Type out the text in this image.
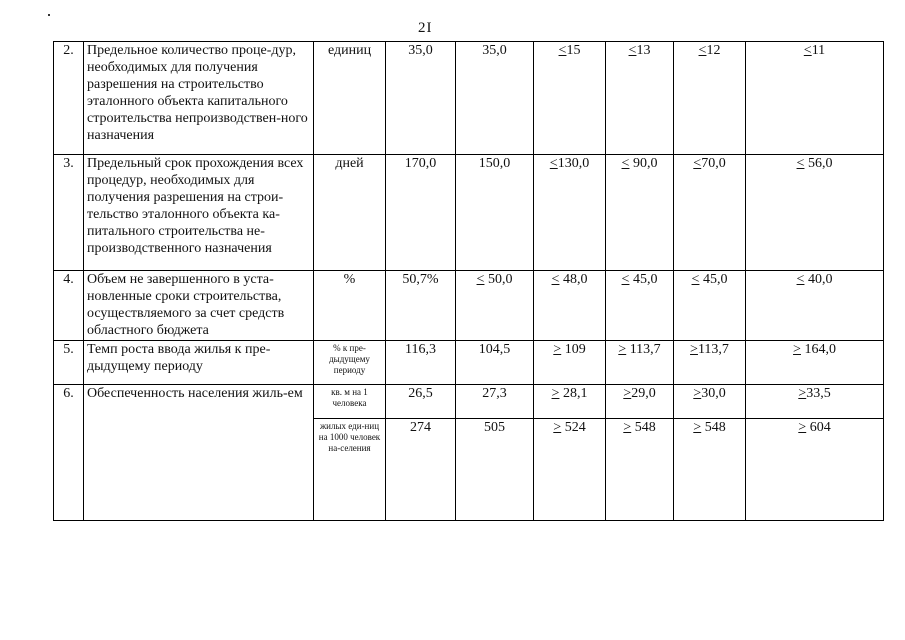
2I
2.	Предельное количество проце-дур, необходимых для получения разрешения на строительство эталонного объекта капитального строительства непроизводствен-ного назначения	единиц	35,0	35,0	<15	<13	<12	<11
3.	Предельный срок прохождения всех процедур, необходимых для получения разрешения на строи-тельство эталонного объекта ка-питального строительства не-производственного назначения	дней	170,0	150,0	<130,0	< 90,0	<70,0	< 56,0
4.	Объем не завершенного в уста-новленные сроки строительства, осуществляемого за счет средств областного бюджета	%	50,7%	< 50,0	< 48,0	< 45,0	< 45,0	< 40,0
5.	Темп роста ввода жилья к пре-дыдущему периоду	% к пре-дыдущему периоду	116,3	104,5	> 109	> 113,7	>113,7	> 164,0
6.	Обеспеченность населения жиль-ем	кв. м на 1 человека	26,5	27,3	> 28,1	>29,0	>30,0	>33,5
		жилых еди-ниц на 1000 человек на-селения	274	505	> 524	> 548	> 548	> 604
